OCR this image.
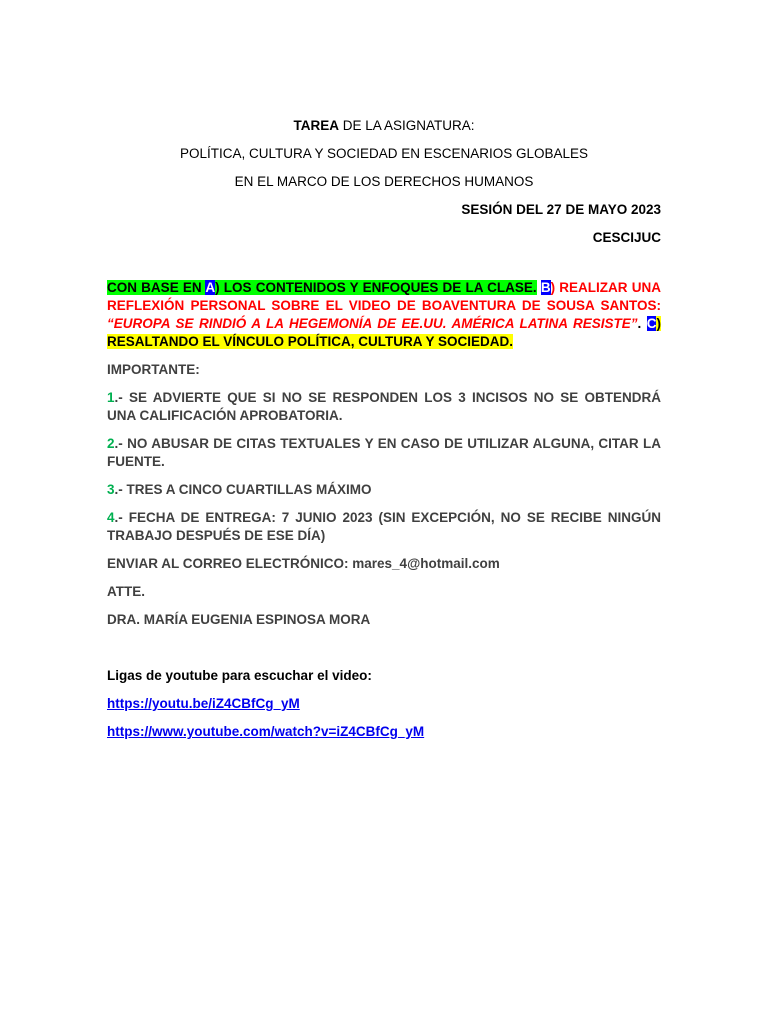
TAREA DE LA ASIGNATURA:

POLÍTICA, CULTURA Y SOCIEDAD EN ESCENARIOS GLOBALES

EN EL MARCO DE LOS DERECHOS HUMANOS

SESIÓN DEL 27 DE MAYO 2023

CESCIJUC

CON BASE EN A) LOS CONTENIDOS Y ENFOQUES DE LA CLASE. B) REALIZAR UNA REFLEXIÓN PERSONAL SOBRE EL VIDEO DE BOAVENTURA DE SOUSA SANTOS: “EUROPA SE RINDIÓ A LA HEGEMONÍA DE EE.UU. AMÉRICA LATINA RESISTE”. C) RESALTANDO EL VÍNCULO POLÍTICA, CULTURA Y SOCIEDAD.

IMPORTANTE:

1.- SE ADVIERTE QUE SI NO SE RESPONDEN LOS 3 INCISOS NO SE OBTENDRÁ UNA CALIFICACIÓN APROBATORIA.

2.- NO ABUSAR DE CITAS TEXTUALES Y EN CASO DE UTILIZAR ALGUNA, CITAR LA FUENTE.

3.- TRES A CINCO CUARTILLAS MÁXIMO

4.- FECHA DE ENTREGA: 7 JUNIO 2023 (SIN EXCEPCIÓN, NO SE RECIBE NINGÚN TRABAJO DESPUÉS DE ESE DÍA)

ENVIAR AL CORREO ELECTRÓNICO: mares_4@hotmail.com

ATTE.

DRA. MARÍA EUGENIA ESPINOSA MORA

Ligas de youtube para escuchar el video:

https://youtu.be/iZ4CBfCg_yM

https://www.youtube.com/watch?v=iZ4CBfCg_yM
